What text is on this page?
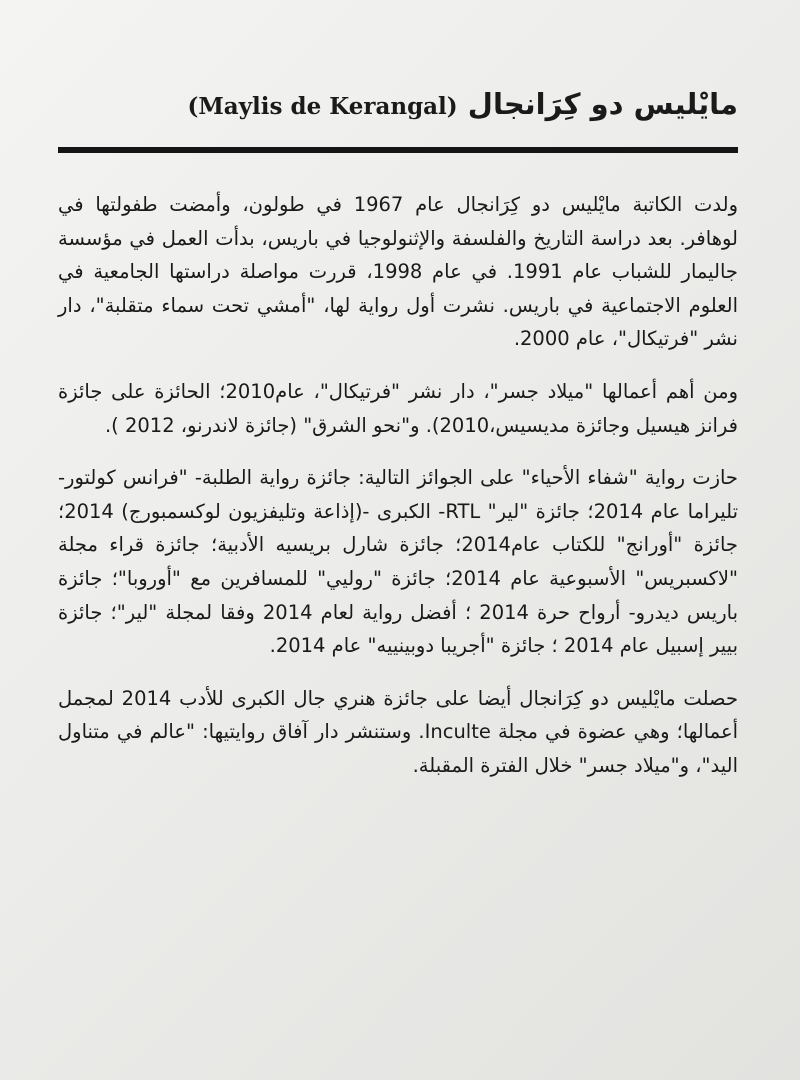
مايْليس دو كِرَانجال (Maylis de Kerangal)

ولدت الكاتبة مايْليس دو كِرَانجال عام 1967 في طولون، وأمضت طفولتها في لوهافر. بعد دراسة التاريخ والفلسفة والإثنولوجيا في باريس، بدأت العمل في مؤسسة جاليمار للشباب عام 1991. في عام 1998، قررت مواصلة دراستها الجامعية في العلوم الاجتماعية في باريس. نشرت أول رواية لها، "أمشي تحت سماء متقلبة"، دار نشر "فرتيكال"، عام 2000.

ومن أهم أعمالها "ميلاد جسر"، دار نشر "فرتيكال"، عام2010؛ الحائزة على جائزة فرانز هيسيل وجائزة مديسيس،2010). و"نحو الشرق" (جائزة لاندرنو، 2012 ).

حازت رواية "شفاء الأحياء" على الجوائز التالية: جائزة رواية الطلبة- "فرانس كولتور-تليراما عام 2014؛ جائزة "لير" RTL- الكبرى -(إذاعة وتليفزيون لوكسمبورج) 2014؛ جائزة "أورانج" للكتاب عام2014؛ جائزة شارل بريسيه الأدبية؛ جائزة قراء مجلة "لاكسبريس" الأسبوعية عام 2014؛ جائزة "روليي" للمسافرين مع "أوروبا"؛ جائزة باريس ديدرو- أرواح حرة 2014 ؛ أفضل رواية لعام 2014 وفقا لمجلة "لير"؛ جائزة بيير إسبيل عام 2014 ؛ جائزة "أجريبا دوبينييه" عام 2014.

حصلت مايْليس دو كِرَانجال أيضا على جائزة هنري جال الكبرى للأدب 2014 لمجمل أعمالها؛ وهي عضوة في مجلة Inculte. وستنشر دار آفاق روايتيها: "عالم في متناول اليد"، و"ميلاد جسر" خلال الفترة المقبلة.
